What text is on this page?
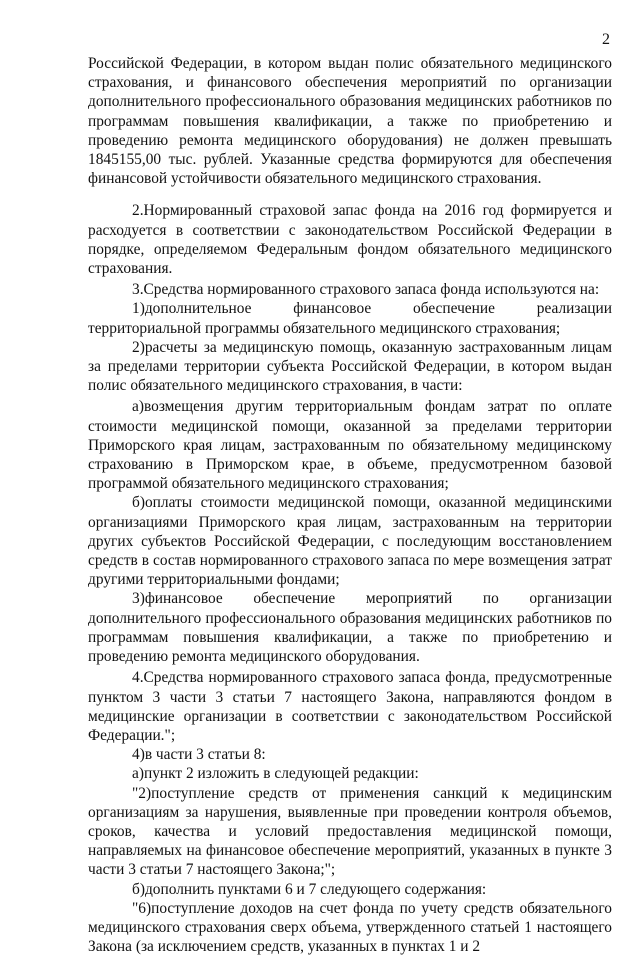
2

Российской Федерации, в котором выдан полис обязательного медицинского страхования, и финансового обеспечения мероприятий по организации дополнительного профессионального образования медицинских работников по программам повышения квалификации, а также по приобретению и проведению ремонта медицинского оборудования) не должен превышать 1845155,00 тыс. рублей. Указанные средства формируются для обеспечения финансовой устойчивости обязательного медицинского страхования.

2.Нормированный страховой запас фонда на 2016 год формируется и расходуется в соответствии с законодательством Российской Федерации в порядке, определяемом Федеральным фондом обязательного медицинского страхования.

3.Средства нормированного страхового запаса фонда используются на:

1)дополнительное финансовое обеспечение реализации территориальной программы обязательного медицинского страхования;

2)расчеты за медицинскую помощь, оказанную застрахованным лицам за пределами территории субъекта Российской Федерации, в котором выдан полис обязательного медицинского страхования, в части:

а)возмещения другим территориальным фондам затрат по оплате стоимости медицинской помощи, оказанной за пределами территории Приморского края лицам, застрахованным по обязательному медицинскому страхованию в Приморском крае, в объеме, предусмотренном базовой программой обязательного медицинского страхования;

б)оплаты стоимости медицинской помощи, оказанной медицинскими организациями Приморского края лицам, застрахованным на территории других субъектов Российской Федерации, с последующим восстановлением средств в состав нормированного страхового запаса по мере возмещения затрат другими территориальными фондами;

3)финансовое обеспечение мероприятий по организации дополнительного профессионального образования медицинских работников по программам повышения квалификации, а также по приобретению и проведению ремонта медицинского оборудования.

4.Средства нормированного страхового запаса фонда, предусмотренные пунктом 3 части 3 статьи 7 настоящего Закона, направляются фондом в медицинские организации в соответствии с законодательством Российской Федерации.";

4)в части 3 статьи 8:

а)пункт 2 изложить в следующей редакции:

"2)поступление средств от применения санкций к медицинским организациям за нарушения, выявленные при проведении контроля объемов, сроков, качества и условий предоставления медицинской помощи, направляемых на финансовое обеспечение мероприятий, указанных в пункте 3 части 3 статьи 7 настоящего Закона;";

б)дополнить пунктами 6 и 7 следующего содержания:

"6)поступление доходов на счет фонда по учету средств обязательного медицинского страхования сверх объема, утвержденного статьей 1 настоящего Закона (за исключением средств, указанных в пунктах 1 и 2
